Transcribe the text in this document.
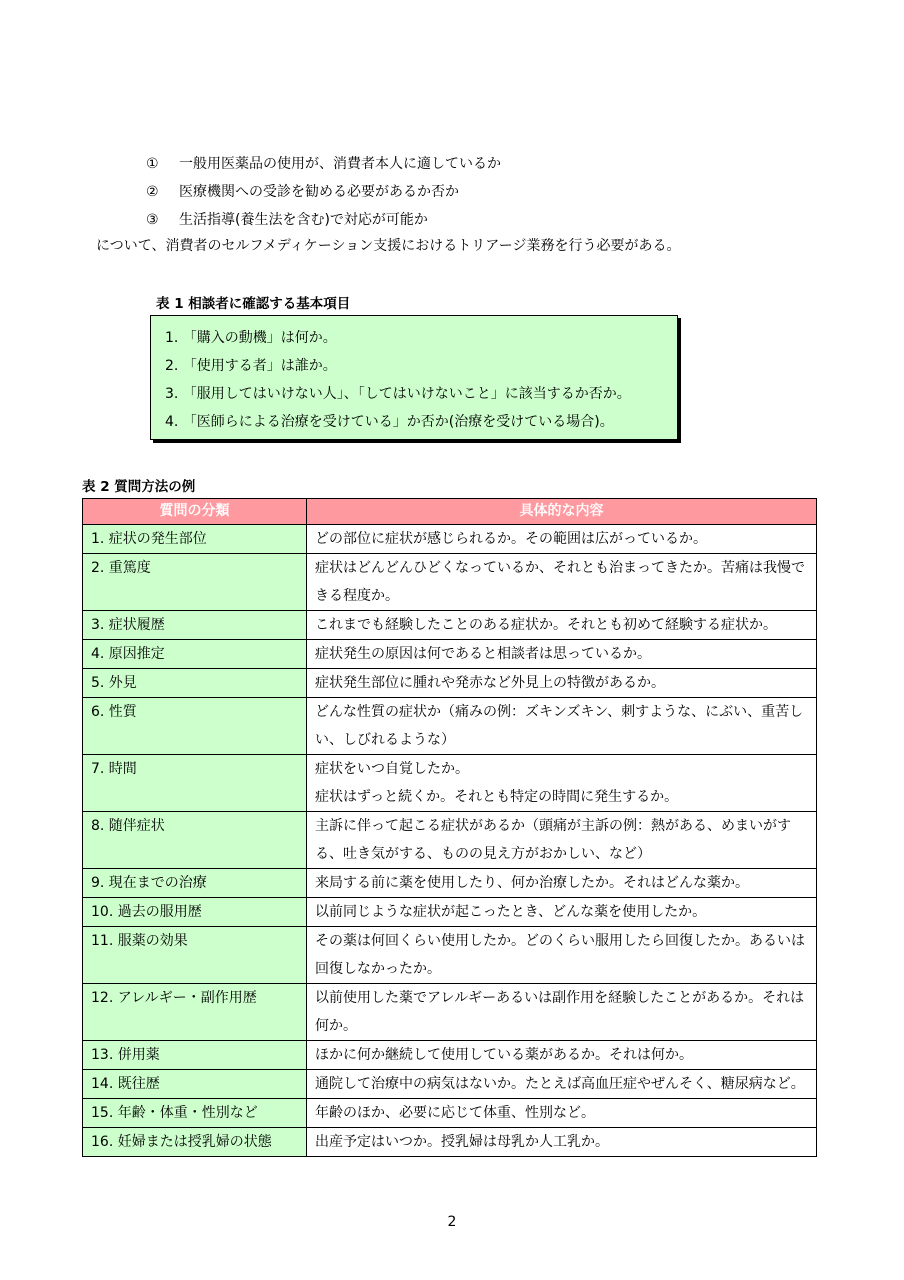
① 一般用医薬品の使用が、消費者本人に適しているか
② 医療機関への受診を勧める必要があるか否か
③ 生活指導(養生法を含む)で対応が可能か
について、消費者のセルフメディケーション支援におけるトリアージ業務を行う必要がある。
表 1 相談者に確認する基本項目
1. 「購入の動機」は何か。
2. 「使用する者」は誰か。
3. 「服用してはいけない人」、「してはいけないこと」に該当するか否か。
4. 「医師らによる治療を受けている」か否か(治療を受けている場合)。
表 2 質問方法の例
質問の分類	具体的な内容
1. 症状の発生部位	どの部位に症状が感じられるか。その範囲は広がっているか。
2. 重篤度	症状はどんどんひどくなっているか、それとも治まってきたか。苦痛は我慢できる程度か。
3. 症状履歴	これまでも経験したことのある症状か。それとも初めて経験する症状か。
4. 原因推定	症状発生の原因は何であると相談者は思っているか。
5. 外見	症状発生部位に腫れや発赤など外見上の特徴があるか。
6. 性質	どんな性質の症状か（痛みの例：ズキンズキン、刺すような、にぶい、重苦しい、しびれるような）
7. 時間	症状をいつ自覚したか。
症状はずっと続くか。それとも特定の時間に発生するか。

8. 随伴症状	主訴に伴って起こる症状があるか（頭痛が主訴の例：熱がある、めまいがする、吐き気がする、ものの見え方がおかしい、など）
9. 現在までの治療	来局する前に薬を使用したり、何か治療したか。それはどんな薬か。
10. 過去の服用歴	以前同じような症状が起こったとき、どんな薬を使用したか。
11. 服薬の効果	その薬は何回くらい使用したか。どのくらい服用したら回復したか。あるいは回復しなかったか。
12. アレルギー・副作用歴	以前使用した薬でアレルギーあるいは副作用を経験したことがあるか。それは何か。
13. 併用薬	ほかに何か継続して使用している薬があるか。それは何か。
14. 既往歴	通院して治療中の病気はないか。たとえば高血圧症やぜんそく、糖尿病など。
15. 年齢・体重・性別など	年齢のほか、必要に応じて体重、性別など。
16. 妊婦または授乳婦の状態	出産予定はいつか。授乳婦は母乳か人工乳か。
2
